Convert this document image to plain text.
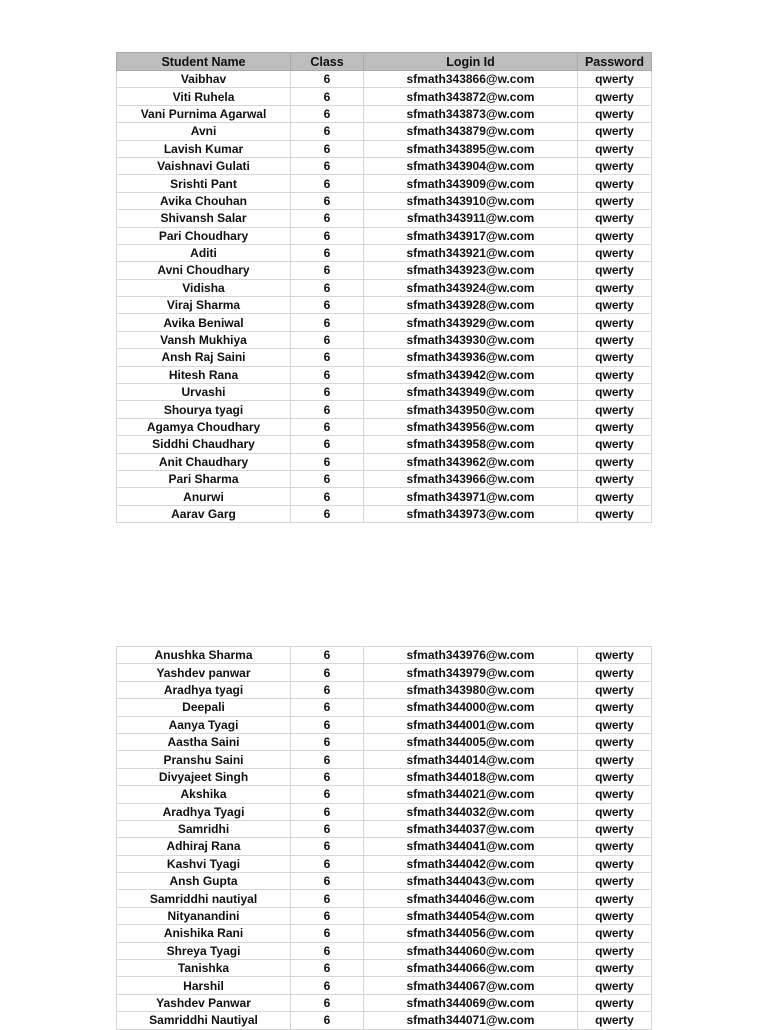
Student Name	Class	Login Id	Password
Vaibhav	6	sfmath343866@w.com	qwerty
Viti Ruhela	6	sfmath343872@w.com	qwerty
Vani Purnima Agarwal	6	sfmath343873@w.com	qwerty
Avni	6	sfmath343879@w.com	qwerty
Lavish Kumar	6	sfmath343895@w.com	qwerty
Vaishnavi Gulati	6	sfmath343904@w.com	qwerty
Srishti Pant	6	sfmath343909@w.com	qwerty
Avika Chouhan	6	sfmath343910@w.com	qwerty
Shivansh Salar	6	sfmath343911@w.com	qwerty
Pari Choudhary	6	sfmath343917@w.com	qwerty
Aditi	6	sfmath343921@w.com	qwerty
Avni Choudhary	6	sfmath343923@w.com	qwerty
Vidisha	6	sfmath343924@w.com	qwerty
Viraj Sharma	6	sfmath343928@w.com	qwerty
Avika Beniwal	6	sfmath343929@w.com	qwerty
Vansh Mukhiya	6	sfmath343930@w.com	qwerty
Ansh Raj Saini	6	sfmath343936@w.com	qwerty
Hitesh Rana	6	sfmath343942@w.com	qwerty
Urvashi	6	sfmath343949@w.com	qwerty
Shourya tyagi	6	sfmath343950@w.com	qwerty
Agamya Choudhary	6	sfmath343956@w.com	qwerty
Siddhi Chaudhary	6	sfmath343958@w.com	qwerty
Anit Chaudhary	6	sfmath343962@w.com	qwerty
Pari Sharma	6	sfmath343966@w.com	qwerty
Anurwi	6	sfmath343971@w.com	qwerty
Aarav Garg	6	sfmath343973@w.com	qwerty
Anushka Sharma	6	sfmath343976@w.com	qwerty
Yashdev panwar	6	sfmath343979@w.com	qwerty
Aradhya tyagi	6	sfmath343980@w.com	qwerty
Deepali	6	sfmath344000@w.com	qwerty
Aanya Tyagi	6	sfmath344001@w.com	qwerty
Aastha Saini	6	sfmath344005@w.com	qwerty
Pranshu Saini	6	sfmath344014@w.com	qwerty
Divyajeet Singh	6	sfmath344018@w.com	qwerty
Akshika	6	sfmath344021@w.com	qwerty
Aradhya Tyagi	6	sfmath344032@w.com	qwerty
Samridhi	6	sfmath344037@w.com	qwerty
Adhiraj Rana	6	sfmath344041@w.com	qwerty
Kashvi Tyagi	6	sfmath344042@w.com	qwerty
Ansh Gupta	6	sfmath344043@w.com	qwerty
Samriddhi nautiyal	6	sfmath344046@w.com	qwerty
Nityanandini	6	sfmath344054@w.com	qwerty
Anishika Rani	6	sfmath344056@w.com	qwerty
Shreya Tyagi	6	sfmath344060@w.com	qwerty
Tanishka	6	sfmath344066@w.com	qwerty
Harshil	6	sfmath344067@w.com	qwerty
Yashdev Panwar	6	sfmath344069@w.com	qwerty
Samriddhi Nautiyal	6	sfmath344071@w.com	qwerty
